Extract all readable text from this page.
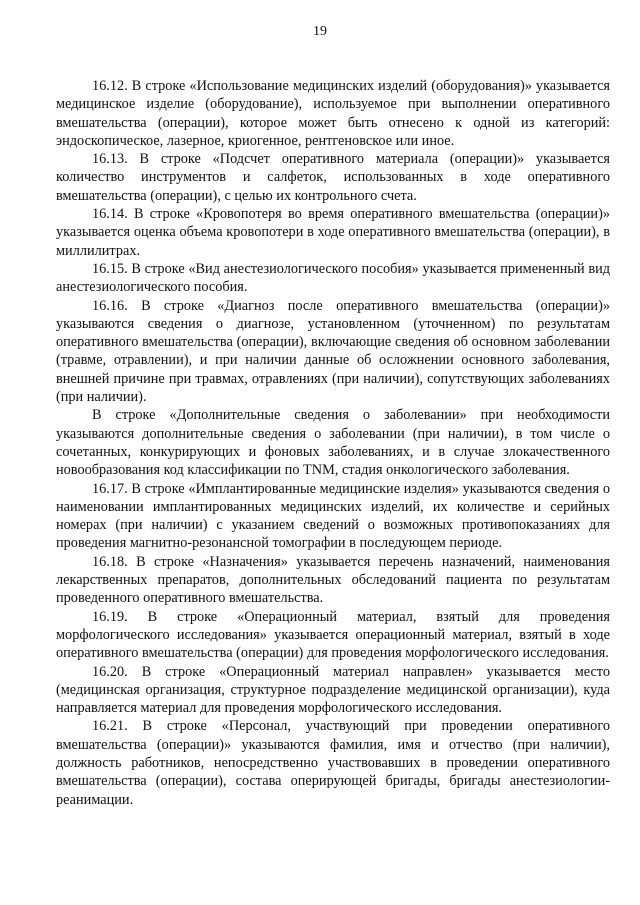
19

16.12. В строке «Использование медицинских изделий (оборудования)» указывается медицинское изделие (оборудование), используемое при выполнении оперативного вмешательства (операции), которое может быть отнесено к одной из категорий: эндоскопическое, лазерное, криогенное, рентгеновское или иное.

16.13. В строке «Подсчет оперативного материала (операции)» указывается количество инструментов и салфеток, использованных в ходе оперативного вмешательства (операции), с целью их контрольного счета.

16.14. В строке «Кровопотеря во время оперативного вмешательства (операции)» указывается оценка объема кровопотери в ходе оперативного вмешательства (операции), в миллилитрах.

16.15. В строке «Вид анестезиологического пособия» указывается примененный вид анестезиологического пособия.

16.16. В строке «Диагноз после оперативного вмешательства (операции)» указываются сведения о диагнозе, установленном (уточненном) по результатам оперативного вмешательства (операции), включающие сведения об основном заболевании (травме, отравлении), и при наличии данные об осложнении основного заболевания, внешней причине при травмах, отравлениях (при наличии), сопутствующих заболеваниях (при наличии).

В строке «Дополнительные сведения о заболевании» при необходимости указываются дополнительные сведения о заболевании (при наличии), в том числе о сочетанных, конкурирующих и фоновых заболеваниях, и в случае злокачественного новообразования код классификации по TNM, стадия онкологического заболевания.

16.17. В строке «Имплантированные медицинские изделия» указываются сведения о наименовании имплантированных медицинских изделий, их количестве и серийных номерах (при наличии) с указанием сведений о возможных противопоказаниях для проведения магнитно-резонансной томографии в последующем периоде.

16.18. В строке «Назначения» указывается перечень назначений, наименования лекарственных препаратов, дополнительных обследований пациента по результатам проведенного оперативного вмешательства.

16.19. В строке «Операционный материал, взятый для проведения морфологического исследования» указывается операционный материал, взятый в ходе оперативного вмешательства (операции) для проведения морфологического исследования.

16.20. В строке «Операционный материал направлен» указывается место (медицинская организация, структурное подразделение медицинской организации), куда направляется материал для проведения морфологического исследования.

16.21. В строке «Персонал, участвующий при проведении оперативного вмешательства (операции)» указываются фамилия, имя и отчество (при наличии), должность работников, непосредственно участвовавших в проведении оперативного вмешательства (операции), состава оперирующей бригады, бригады анестезиологии-реанимации.
